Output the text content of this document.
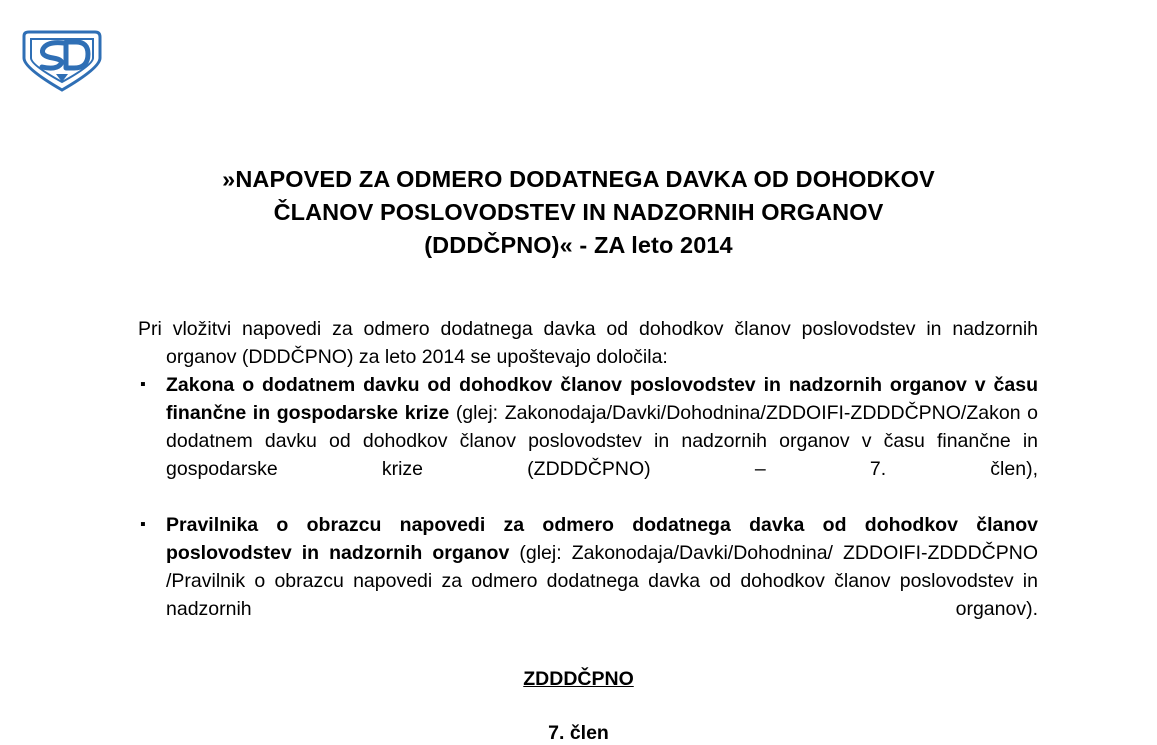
»NAPOVED ZA ODMERO DODATNEGA DAVKA OD DOHODKOV
ČLANOV POSLOVODSTEV IN NADZORNIH ORGANOV
(DDDČPNO)« - ZA leto 2014

Pri vložitvi napovedi za odmero dodatnega davka od dohodkov članov poslovodstev in nadzornih organov (DDDČPNO) za leto 2014 se upoštevajo določila:

▪ Zakona o dodatnem davku od dohodkov članov poslovodstev in nadzornih organov v času finančne in gospodarske krize (glej: Zakonodaja/Davki/Dohodnina/ZDDOIFI-ZDDDČPNO/Zakon o dodatnem davku od dohodkov članov poslovodstev in nadzornih organov v času finančne in gospodarske krize (ZDDDČPNO) – 7. člen),
▪ Pravilnika o obrazcu napovedi za odmero dodatnega davka od dohodkov članov poslovodstev in nadzornih organov (glej: Zakonodaja/Davki/Dohodnina/ ZDDOIFI-ZDDDČPNO /Pravilnik o obrazcu napovedi za odmero dodatnega davka od dohodkov članov poslovodstev in nadzornih organov).
ZDDDČPNO
7. člen
